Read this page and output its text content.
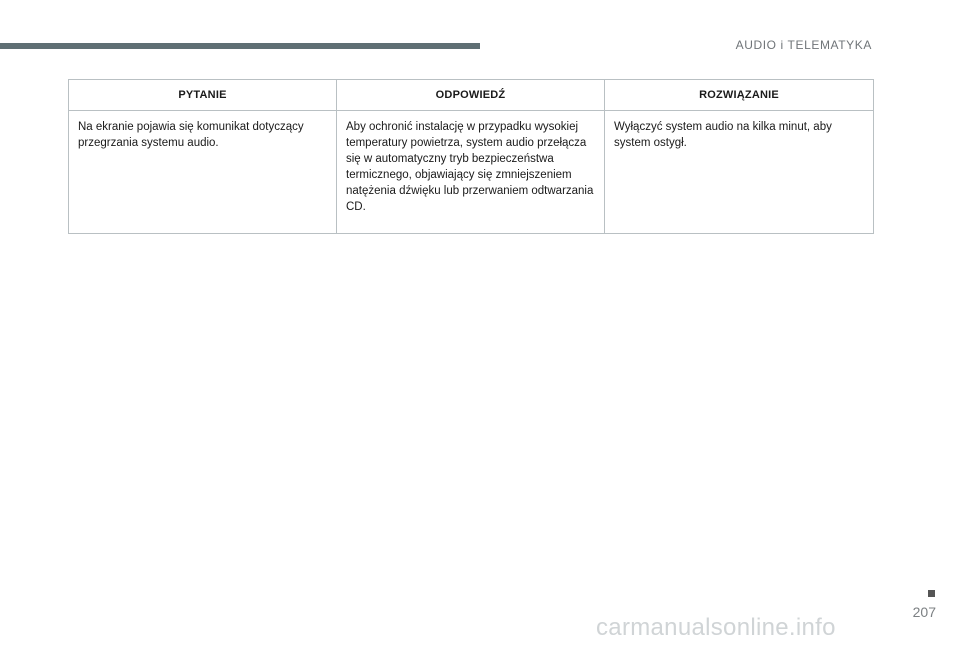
AUDIO i TELEMATYKA
PYTANIE	ODPOWIEDŹ	ROZWIĄZANIE
Na ekranie pojawia się komunikat dotyczący przegrzania systemu audio.	Aby ochronić instalację w przypadku wysokiej temperatury powietrza, system audio przełącza się w automatyczny tryb bezpieczeństwa termicznego, objawiający się zmniejszeniem natężenia dźwięku lub przerwaniem odtwarzania CD.	Wyłączyć system audio na kilka minut, aby system ostygł.
207
carmanualsonline.info
